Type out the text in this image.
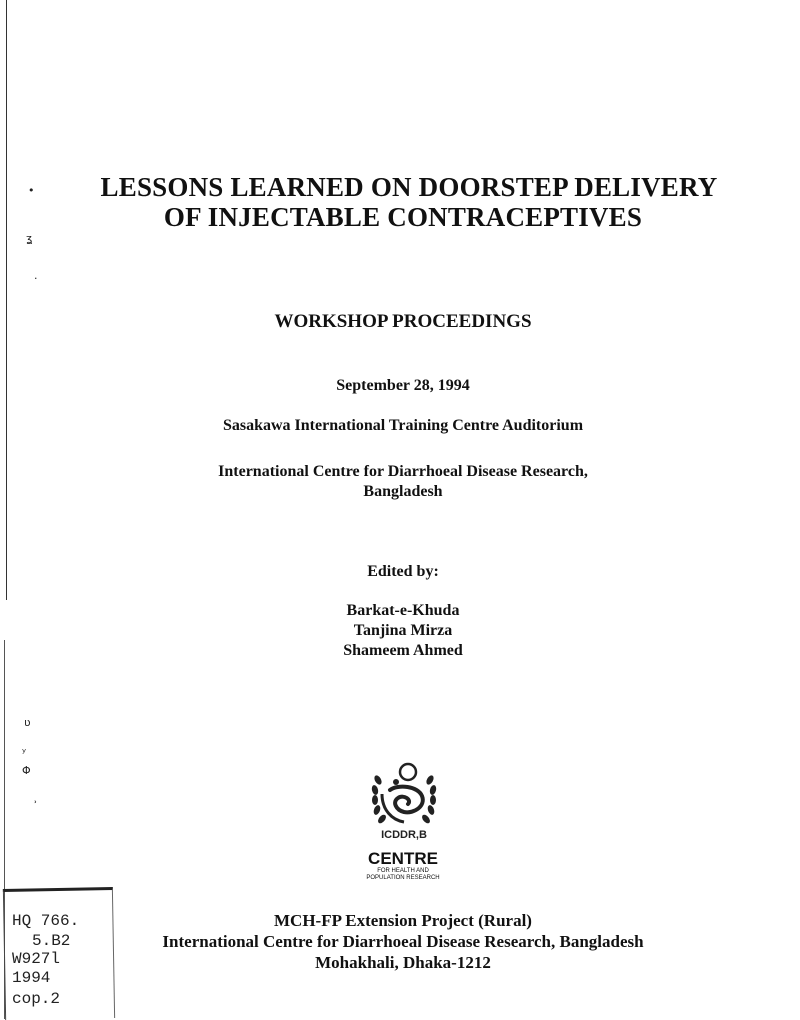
•
ʓ
·
ʋ
ʸ
Φ
˒
LESSONS LEARNED ON DOORSTEP DELIVERY
OF INJECTABLE CONTRACEPTIVES
WORKSHOP PROCEEDINGS
September 28, 1994
Sasakawa International Training Centre Auditorium
International Centre for Diarrhoeal Disease Research,
Bangladesh
Edited by:
Barkat-e-Khuda
Tanjina Mirza
Shameem Ahmed
ICDDR,B
CENTRE
FOR HEALTH AND
POPULATION RESEARCH
MCH-FP Extension Project (Rural)
International Centre for Diarrhoeal Disease Research, Bangladesh
Mohakhali, Dhaka-1212
HQ 766.
5.B2
W927l
1994
cop.2
